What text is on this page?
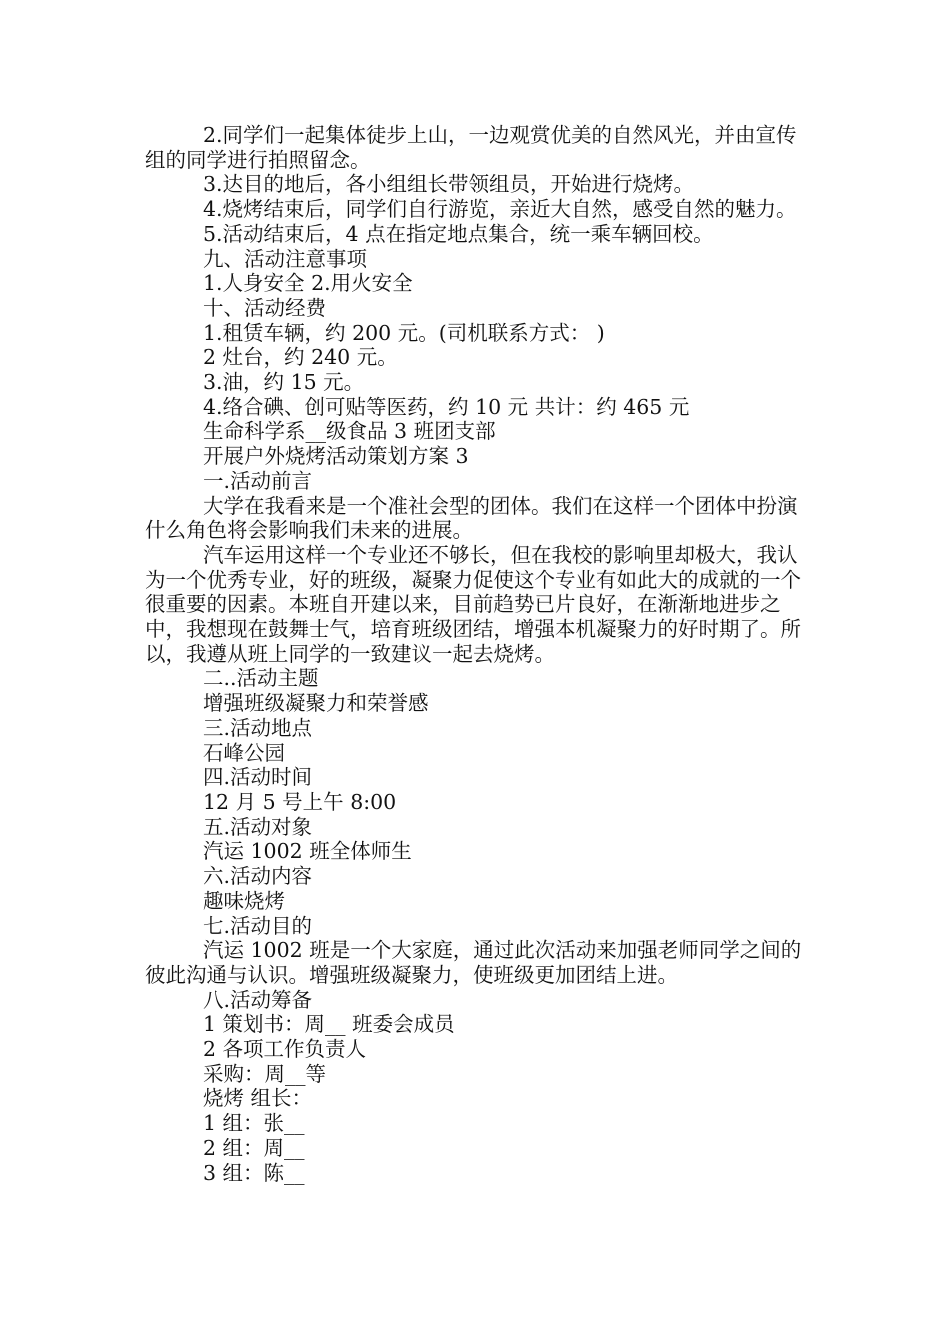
2.同学们一起集体徒步上山，一边观赏优美的自然风光，并由宣传组的同学进行拍照留念。

3.达目的地后，各小组组长带领组员，开始进行烧烤。

4.烧烤结束后，同学们自行游览，亲近大自然，感受自然的魅力。

5.活动结束后，4 点在指定地点集合，统一乘车辆回校。

九、活动注意事项

1.人身安全 2.用火安全

十、活动经费

1.租赁车辆，约 200 元。(司机联系方式： )

2 灶台，约 240 元。

3.油，约 15 元。

4.络合碘、创可贴等医药，约 10 元 共计：约 465 元

生命科学系__级食品 3 班团支部

开展户外烧烤活动策划方案 3

一.活动前言

大学在我看来是一个准社会型的团体。我们在这样一个团体中扮演什么角色将会影响我们未来的进展。

汽车运用这样一个专业还不够长，但在我校的影响里却极大，我认为一个优秀专业，好的班级，凝聚力促使这个专业有如此大的成就的一个很重要的因素。本班自开建以来，目前趋势已片良好，在渐渐地进步之中，我想现在鼓舞士气，培育班级团结，增强本机凝聚力的好时期了。所以，我遵从班上同学的一致建议一起去烧烤。

二..活动主题

增强班级凝聚力和荣誉感

三.活动地点

石峰公园

四.活动时间

12 月 5 号上午 8:00

五.活动对象

汽运 1002 班全体师生

六.活动内容

趣味烧烤

七.活动目的

汽运 1002 班是一个大家庭，通过此次活动来加强老师同学之间的彼此沟通与认识。增强班级凝聚力，使班级更加团结上进。

八.活动筹备

1 策划书：周__ 班委会成员

2 各项工作负责人

采购：周__等

烧烤 组长：

1 组：张__

2 组：周__

3 组：陈__
